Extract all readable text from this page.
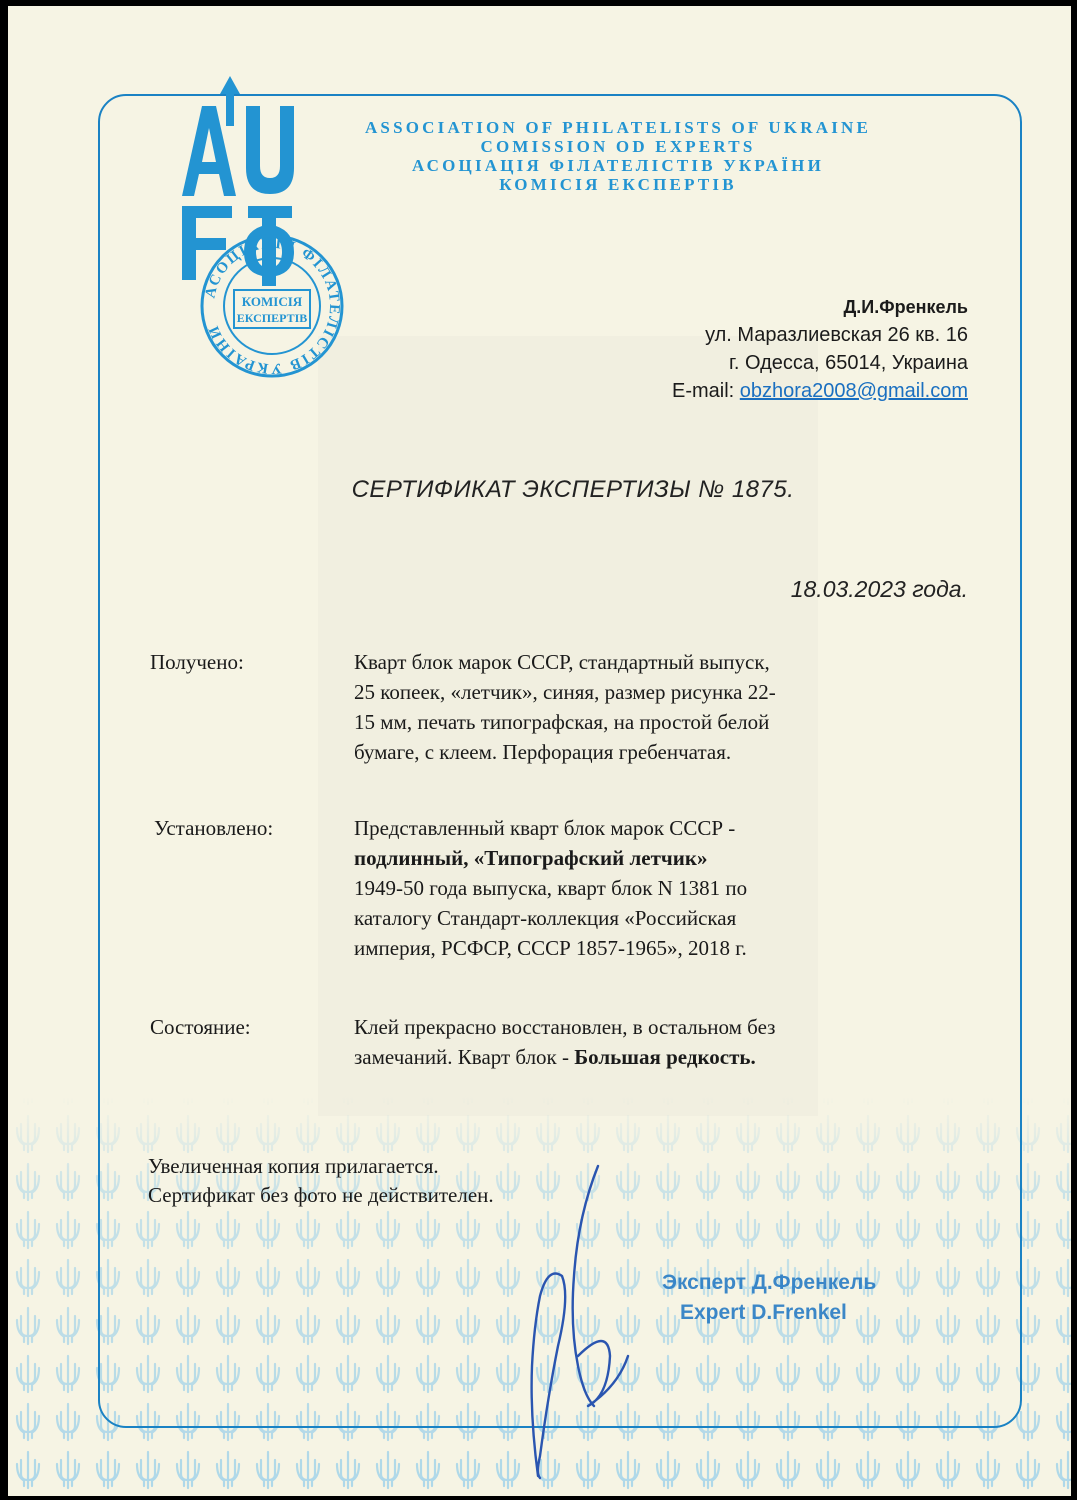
АСОЦІАЦІЯ ФІЛАТЕЛІСТІВ УКРАЇНИ
КОМІСІЯ
ЕКСПЕРТІВ
ASSOCIATION OF PHILATELISTS OF UKRAINE
COMISSION OD EXPERTS
АСОЦІАЦІЯ ФІЛАТЕЛІСТІВ УКРАЇНИ
КОМІСІЯ ЕКСПЕРТІВ
Д.И.Френкель
ул. Маразлиевская 26 кв. 16
г. Одесса, 65014, Украина
E-mail: obzhora2008@gmail.com
СЕРТИФИКАТ ЭКСПЕРТИЗЫ № 1875.
18.03.2023 года.
Получено:	Кварт блок марок СССР, стандартный выпуск,
25 копеек, «летчик», синяя, размер рисунка 22-
15 мм, печать типографская, на простой белой
бумаге, с клеем. Перфорация гребенчатая.
Установлено:	Представленный кварт блок марок СССР -
подлинный, «Типографский летчик»
1949-50 года выпуска, кварт блок N 1381 по
каталогу Стандарт-коллекция «Российская
империя, РСФСР, СССР 1857-1965», 2018 г.
Состояние:	Клей прекрасно восстановлен, в остальном без
замечаний. Кварт блок - Большая редкость.
Увеличенная копия прилагается.
Сертификат без фото не действителен.
Эксперт Д.Френкель
Expert D.Frenkel
